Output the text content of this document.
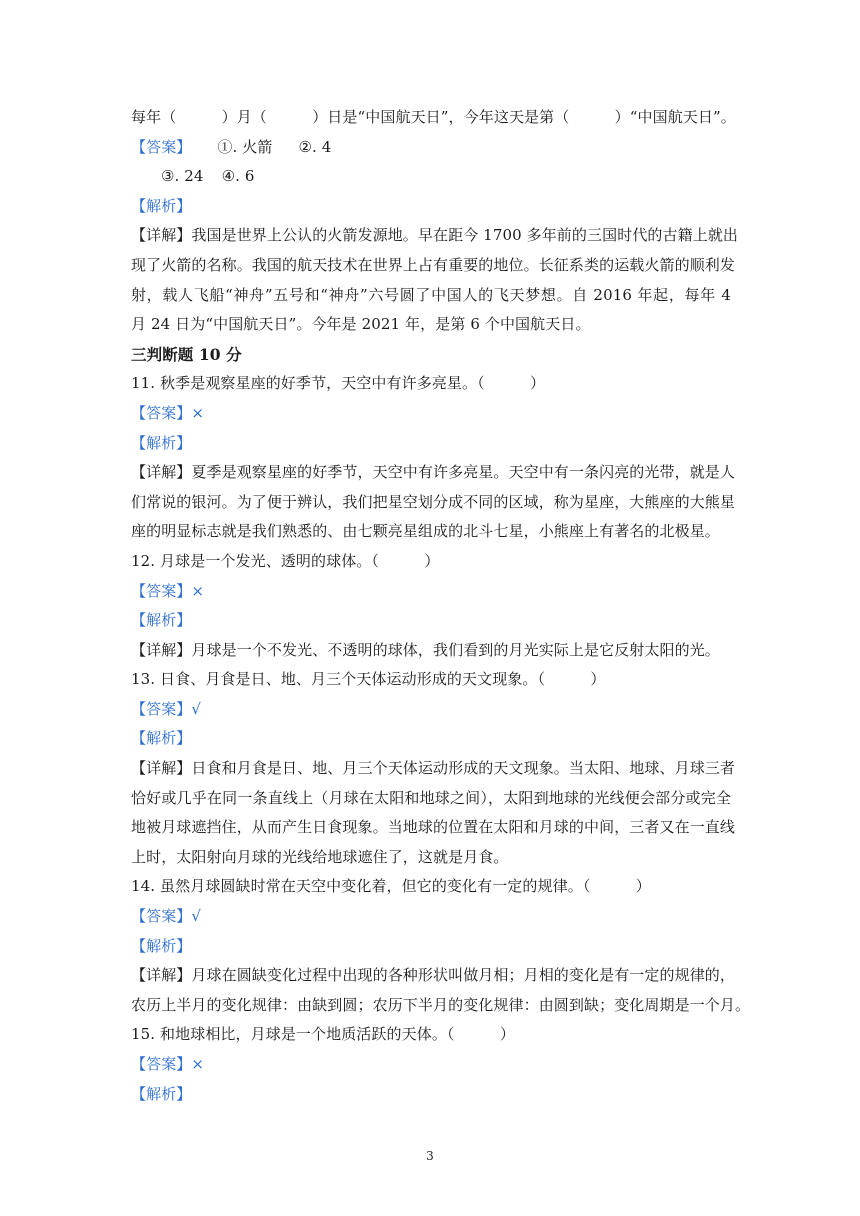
每年（　　　）月（　　　）日是“中国航天日”，今年这天是第（　　　）“中国航天日”。
【答案】 ①. 火箭 ②. 4
③. 24 ④. 6
【解析】
【详解】我国是世界上公认的火箭发源地。早在距今 1700 多年前的三国时代的古籍上就出
现了火箭的名称。我国的航天技术在世界上占有重要的地位。长征系类的运载火箭的顺利发
射，载人飞船“神舟”五号和“神舟”六号圆了中国人的飞天梦想。自 2016 年起，每年 4
月 24 日为“中国航天日”。今年是 2021 年，是第 6 个中国航天日。
三判断题 10 分
11. 秋季是观察星座的好季节，天空中有许多亮星。（　　　）
【答案】×
【解析】
【详解】夏季是观察星座的好季节，天空中有许多亮星。天空中有一条闪亮的光带，就是人
们常说的银河。为了便于辨认，我们把星空划分成不同的区域，称为星座，大熊座的大熊星
座的明显标志就是我们熟悉的、由七颗亮星组成的北斗七星，小熊座上有著名的北极星。
12. 月球是一个发光、透明的球体。（　　　）
【答案】×
【解析】
【详解】月球是一个不发光、不透明的球体，我们看到的月光实际上是它反射太阳的光。
13. 日食、月食是日、地、月三个天体运动形成的天文现象。（　　　）
【答案】√
【解析】
【详解】日食和月食是日、地、月三个天体运动形成的天文现象。当太阳、地球、月球三者
恰好或几乎在同一条直线上（月球在太阳和地球之间），太阳到地球的光线便会部分或完全
地被月球遮挡住，从而产生日食现象。当地球的位置在太阳和月球的中间，三者又在一直线
上时，太阳射向月球的光线给地球遮住了，这就是月食。
14. 虽然月球圆缺时常在天空中变化着，但它的变化有一定的规律。（　　　）
【答案】√
【解析】
【详解】月球在圆缺变化过程中出现的各种形状叫做月相；月相的变化是有一定的规律的，
农历上半月的变化规律：由缺到圆；农历下半月的变化规律：由圆到缺；变化周期是一个月。
15. 和地球相比，月球是一个地质活跃的天体。（　　　）
【答案】×
【解析】
3
